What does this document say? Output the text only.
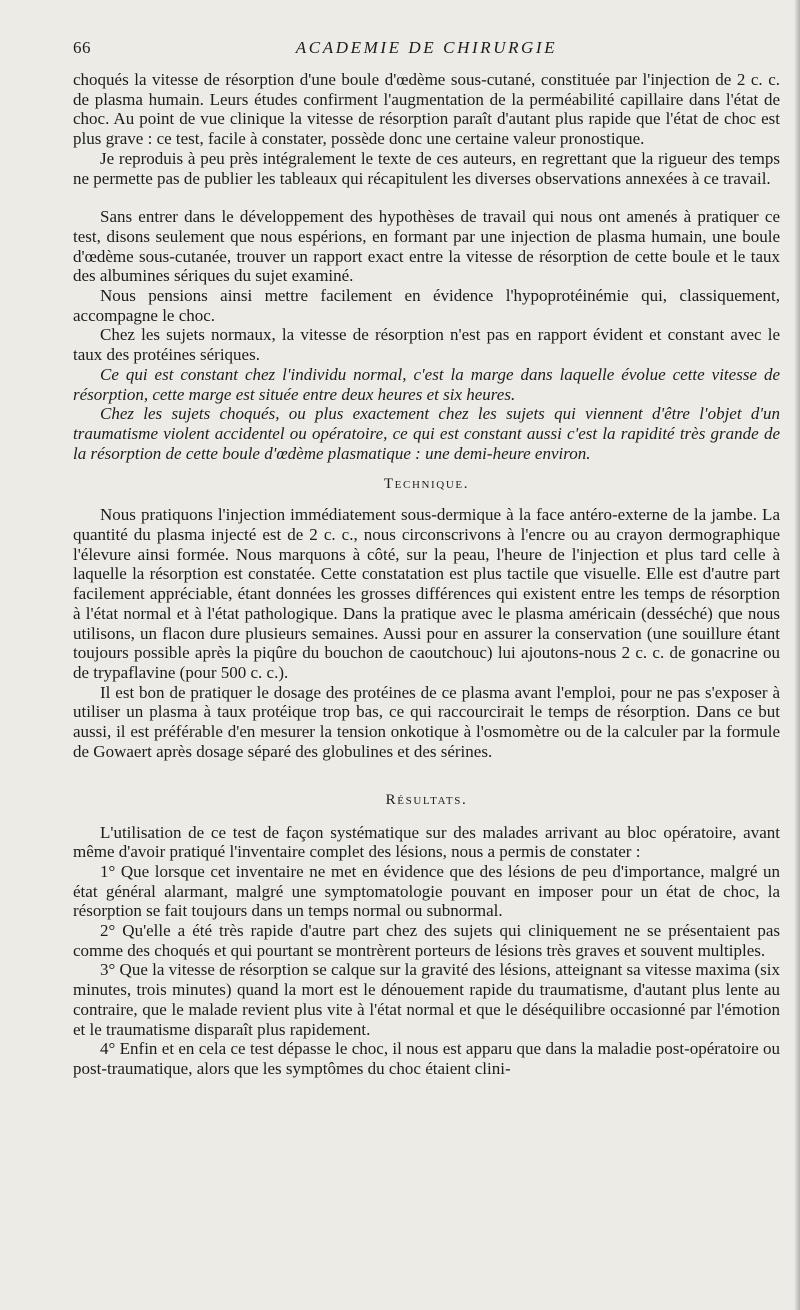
66	ACADEMIE DE CHIRURGIE

choqués la vitesse de résorption d'une boule d'œdème sous-cutané, constituée par l'injection de 2 c. c. de plasma humain. Leurs études confirment l'augmentation de la perméabilité capillaire dans l'état de choc. Au point de vue clinique la vitesse de résorption paraît d'autant plus rapide que l'état de choc est plus grave : ce test, facile à constater, possède donc une certaine valeur pronostique.

Je reproduis à peu près intégralement le texte de ces auteurs, en regrettant que la rigueur des temps ne permette pas de publier les tableaux qui récapitulent les diverses observations annexées à ce travail.

Sans entrer dans le développement des hypothèses de travail qui nous ont amenés à pratiquer ce test, disons seulement que nous espérions, en formant par une injection de plasma humain, une boule d'œdème sous-cutanée, trouver un rapport exact entre la vitesse de résorption de cette boule et le taux des albumines sériques du sujet examiné.

Nous pensions ainsi mettre facilement en évidence l'hypoprotéinémie qui, classiquement, accompagne le choc.

Chez les sujets normaux, la vitesse de résorption n'est pas en rapport évident et constant avec le taux des protéines sériques.

Ce qui est constant chez l'individu normal, c'est la marge dans laquelle évolue cette vitesse de résorption, cette marge est située entre deux heures et six heures.

Chez les sujets choqués, ou plus exactement chez les sujets qui viennent d'être l'objet d'un traumatisme violent accidentel ou opératoire, ce qui est constant aussi c'est la rapidité très grande de la résorption de cette boule d'œdème plasmatique : une demi-heure environ.

Technique.

Nous pratiquons l'injection immédiatement sous-dermique à la face antéro-externe de la jambe. La quantité du plasma injecté est de 2 c. c., nous circonscrivons à l'encre ou au crayon dermographique l'élevure ainsi formée. Nous marquons à côté, sur la peau, l'heure de l'injection et plus tard celle à laquelle la résorption est constatée. Cette constatation est plus tactile que visuelle. Elle est d'autre part facilement appréciable, étant données les grosses différences qui existent entre les temps de résorption à l'état normal et à l'état pathologique. Dans la pratique avec le plasma américain (desséché) que nous utilisons, un flacon dure plusieurs semaines. Aussi pour en assurer la conservation (une souillure étant toujours possible après la piqûre du bouchon de caoutchouc) lui ajoutons-nous 2 c. c. de gonacrine ou de trypaflavine (pour 500 c. c.).

Il est bon de pratiquer le dosage des protéines de ce plasma avant l'emploi, pour ne pas s'exposer à utiliser un plasma à taux protéique trop bas, ce qui raccourcirait le temps de résorption. Dans ce but aussi, il est préférable d'en mesurer la tension onkotique à l'osmomètre ou de la calculer par la formule de Gowaert après dosage séparé des globulines et des sérines.

Résultats.

L'utilisation de ce test de façon systématique sur des malades arrivant au bloc opératoire, avant même d'avoir pratiqué l'inventaire complet des lésions, nous a permis de constater :

1° Que lorsque cet inventaire ne met en évidence que des lésions de peu d'importance, malgré un état général alarmant, malgré une symptomatologie pouvant en imposer pour un état de choc, la résorption se fait toujours dans un temps normal ou subnormal.

2° Qu'elle a été très rapide d'autre part chez des sujets qui cliniquement ne se présentaient pas comme des choqués et qui pourtant se montrèrent porteurs de lésions très graves et souvent multiples.

3° Que la vitesse de résorption se calque sur la gravité des lésions, atteignant sa vitesse maxima (six minutes, trois minutes) quand la mort est le dénouement rapide du traumatisme, d'autant plus lente au contraire, que le malade revient plus vite à l'état normal et que le déséquilibre occasionné par l'émotion et le traumatisme disparaît plus rapidement.

4° Enfin et en cela ce test dépasse le choc, il nous est apparu que dans la maladie post-opératoire ou post-traumatique, alors que les symptômes du choc étaient clini-
